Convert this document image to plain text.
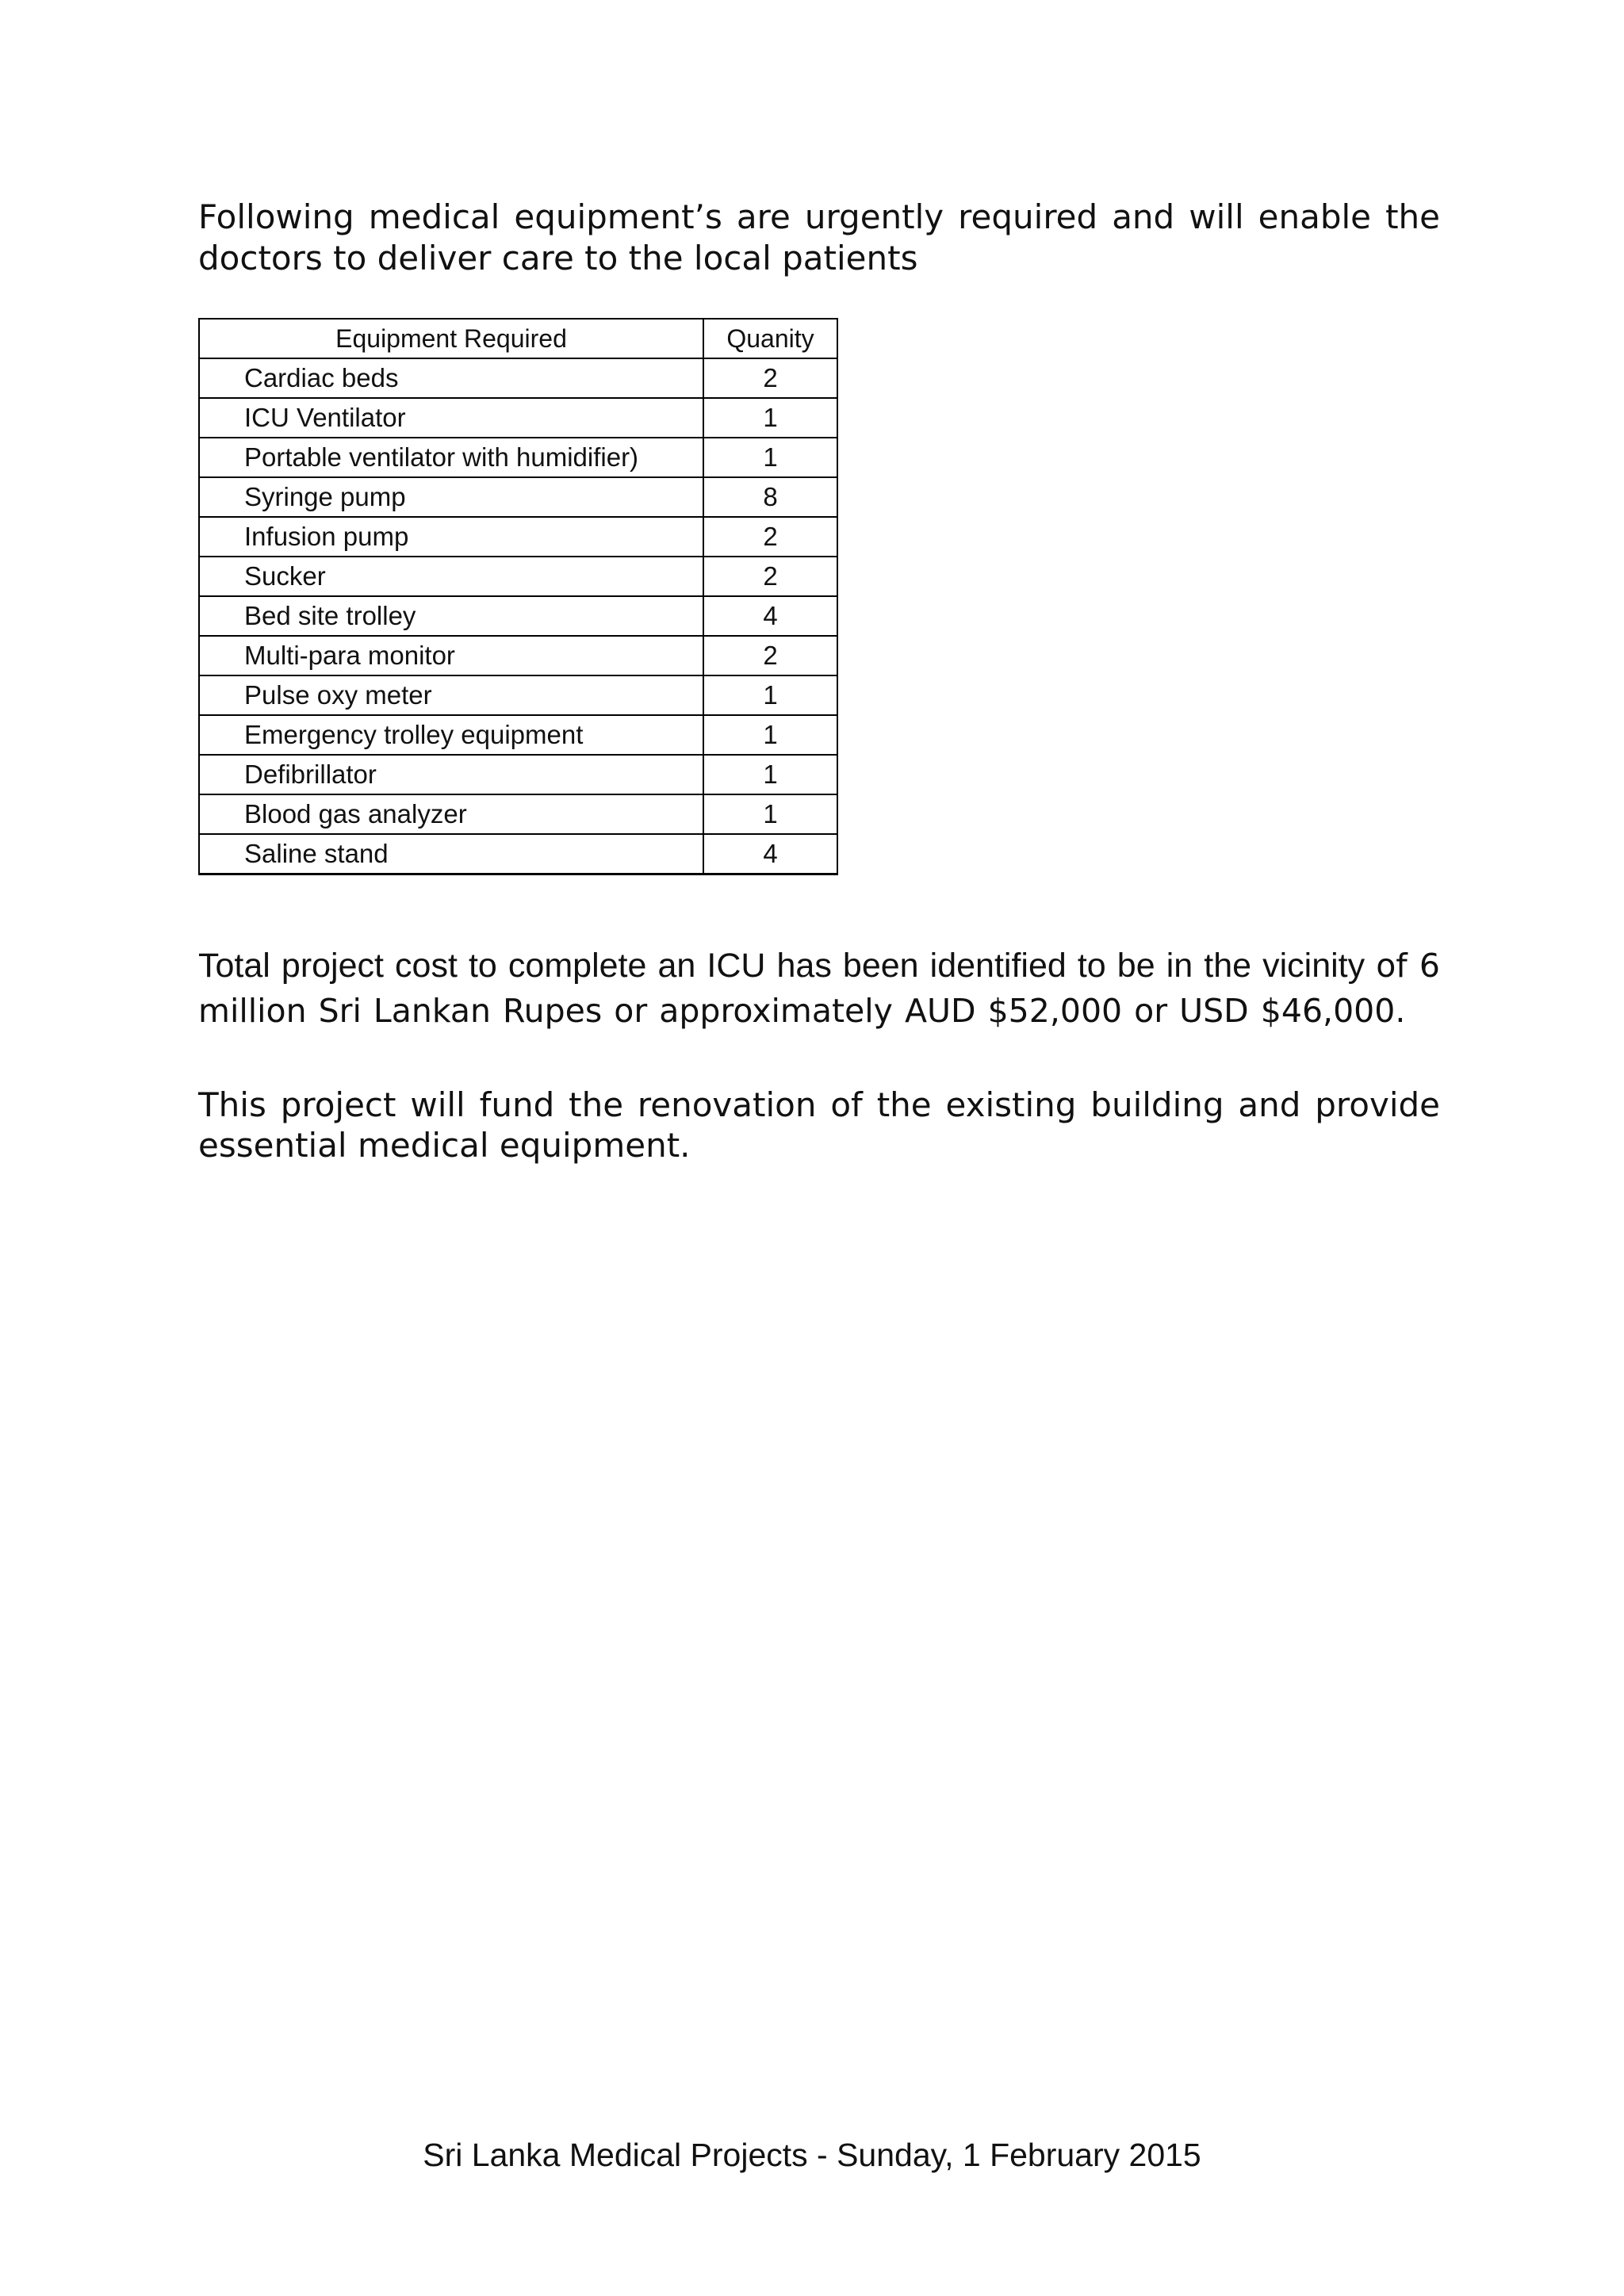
Following medical equipment’s are urgently required and will enable the doctors to deliver care to the local patients

Equipment Required	Quanity
Cardiac beds	2
ICU Ventilator	1
Portable ventilator with humidifier)	1
Syringe pump	8
Infusion pump	2
Sucker	2
Bed site trolley	4
Multi-para monitor	2
Pulse oxy meter	1
Emergency trolley equipment	1
Defibrillator	1
Blood gas analyzer	1
Saline stand	4

Total project cost to complete an ICU has been identified to be in the vicinity of 6 million Sri Lankan Rupes or approximately AUD $52,000 or USD $46,000.

This project will fund the renovation of the existing building and provide essential medical equipment.

Sri Lanka Medical Projects - Sunday, 1 February 2015
